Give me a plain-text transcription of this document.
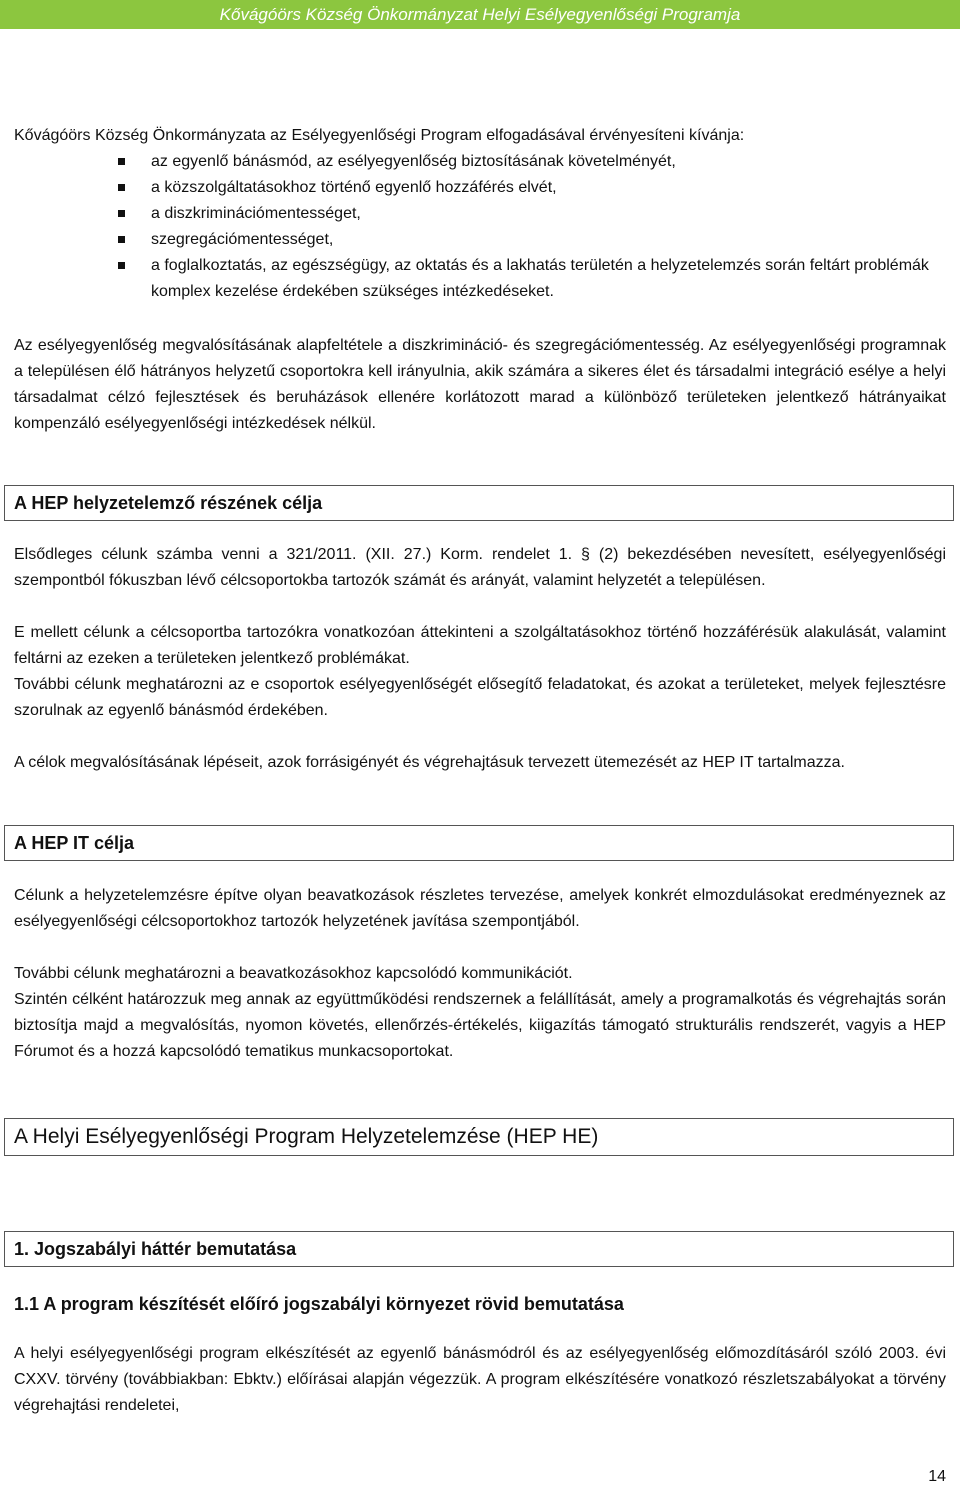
Kővágóörs Község Önkormányzat Helyi Esélyegyenlőségi Programja
Kővágóörs Község Önkormányzata az Esélyegyenlőségi Program elfogadásával érvényesíteni kívánja:
az egyenlő bánásmód, az esélyegyenlőség biztosításának követelményét,
a közszolgáltatásokhoz történő egyenlő hozzáférés elvét,
a diszkriminációmentességet,
szegregációmentességet,
a foglalkoztatás, az egészségügy, az oktatás és a lakhatás területén a helyzetelemzés során feltárt problémák komplex kezelése érdekében szükséges intézkedéseket.

Az esélyegyenlőség megvalósításának alapfeltétele a diszkrimináció- és szegregációmentesség. Az esélyegyenlőségi programnak a településen élő hátrányos helyzetű csoportokra kell irányulnia, akik számára a sikeres élet és társadalmi integráció esélye a helyi társadalmat célzó fejlesztések és beruházások ellenére korlátozott marad a különböző területeken jelentkező hátrányaikat kompenzáló esélyegyenlőségi intézkedések nélkül.

A HEP helyzetelemző részének célja

Elsődleges célunk számba venni a 321/2011. (XII. 27.) Korm. rendelet 1. § (2) bekezdésében nevesített, esélyegyenlőségi szempontból fókuszban lévő célcsoportokba tartozók számát és arányát, valamint helyzetét a településen.

E mellett célunk a célcsoportba tartozókra vonatkozóan áttekinteni a szolgáltatásokhoz történő hozzáférésük alakulását, valamint feltárni az ezeken a területeken jelentkező problémákat.

További célunk meghatározni az e csoportok esélyegyenlőségét elősegítő feladatokat, és azokat a területeket, melyek fejlesztésre szorulnak az egyenlő bánásmód érdekében.

A célok megvalósításának lépéseit, azok forrásigényét és végrehajtásuk tervezett ütemezését az HEP IT tartalmazza.

A HEP IT célja

Célunk a helyzetelemzésre építve olyan beavatkozások részletes tervezése, amelyek konkrét elmozdulásokat eredményeznek az esélyegyenlőségi célcsoportokhoz tartozók helyzetének javítása szempontjából.

További célunk meghatározni a beavatkozásokhoz kapcsolódó kommunikációt.

Szintén célként határozzuk meg annak az együttműködési rendszernek a felállítását, amely a programalkotás és végrehajtás során biztosítja majd a megvalósítás, nyomon követés, ellenőrzés-értékelés, kiigazítás támogató strukturális rendszerét, vagyis a HEP Fórumot és a hozzá kapcsolódó tematikus munkacsoportokat.

A Helyi Esélyegyenlőségi Program Helyzetelemzése (HEP HE)
1. Jogszabályi háttér bemutatása
1.1 A program készítését előíró jogszabályi környezet rövid bemutatása

A helyi esélyegyenlőségi program elkészítését az egyenlő bánásmódról és az esélyegyenlőség előmozdításáról szóló 2003. évi CXXV. törvény (továbbiakban: Ebktv.) előírásai alapján végezzük. A program elkészítésére vonatkozó részletszabályokat a törvény végrehajtási rendeletei,

14
